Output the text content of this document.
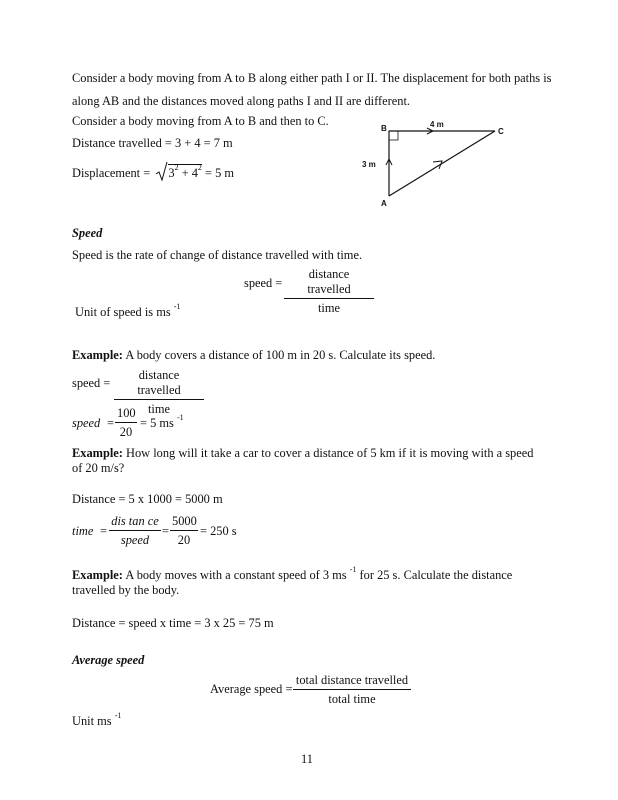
Consider a body moving from A to B along either path I or II. The displacement for both paths is
along AB and the distances moved along paths I and II are different.
Consider a body moving from A to B and then to C.
Distance travelled = 3 + 4 = 7 m
Displacement = $3^2 + 4^2 = 5$ m
B	C
A
4 m
3 m
Speed
Speed is the rate of change of distance travelled with time.
speed =
distance travelled
time
Unit of speed is ms $^{-1}$
Example: A body covers a distance of 100 m in 20 s. Calculate its speed.
speed =
distance travelled
time
speed = $\frac{100}{20} = 5$ ms $^{-1}$
Example: How long will it take a car to cover a distance of 5 km if it is moving with a speed
of 20 m/s?
Distance = 5 x 1000 = 5000 m
time =
dis tan ce
speed
= $\frac{5000}{20} = 250$ s
Example: A body moves with a constant speed of 3 ms $^{-1}$ for 25 s. Calculate the distance
travelled by the body.
Distance = speed x time = 3 x 25 = 75 m
Average speed
Average speed =
total distance travelled
total time
Unit ms $^{-1}$
11
